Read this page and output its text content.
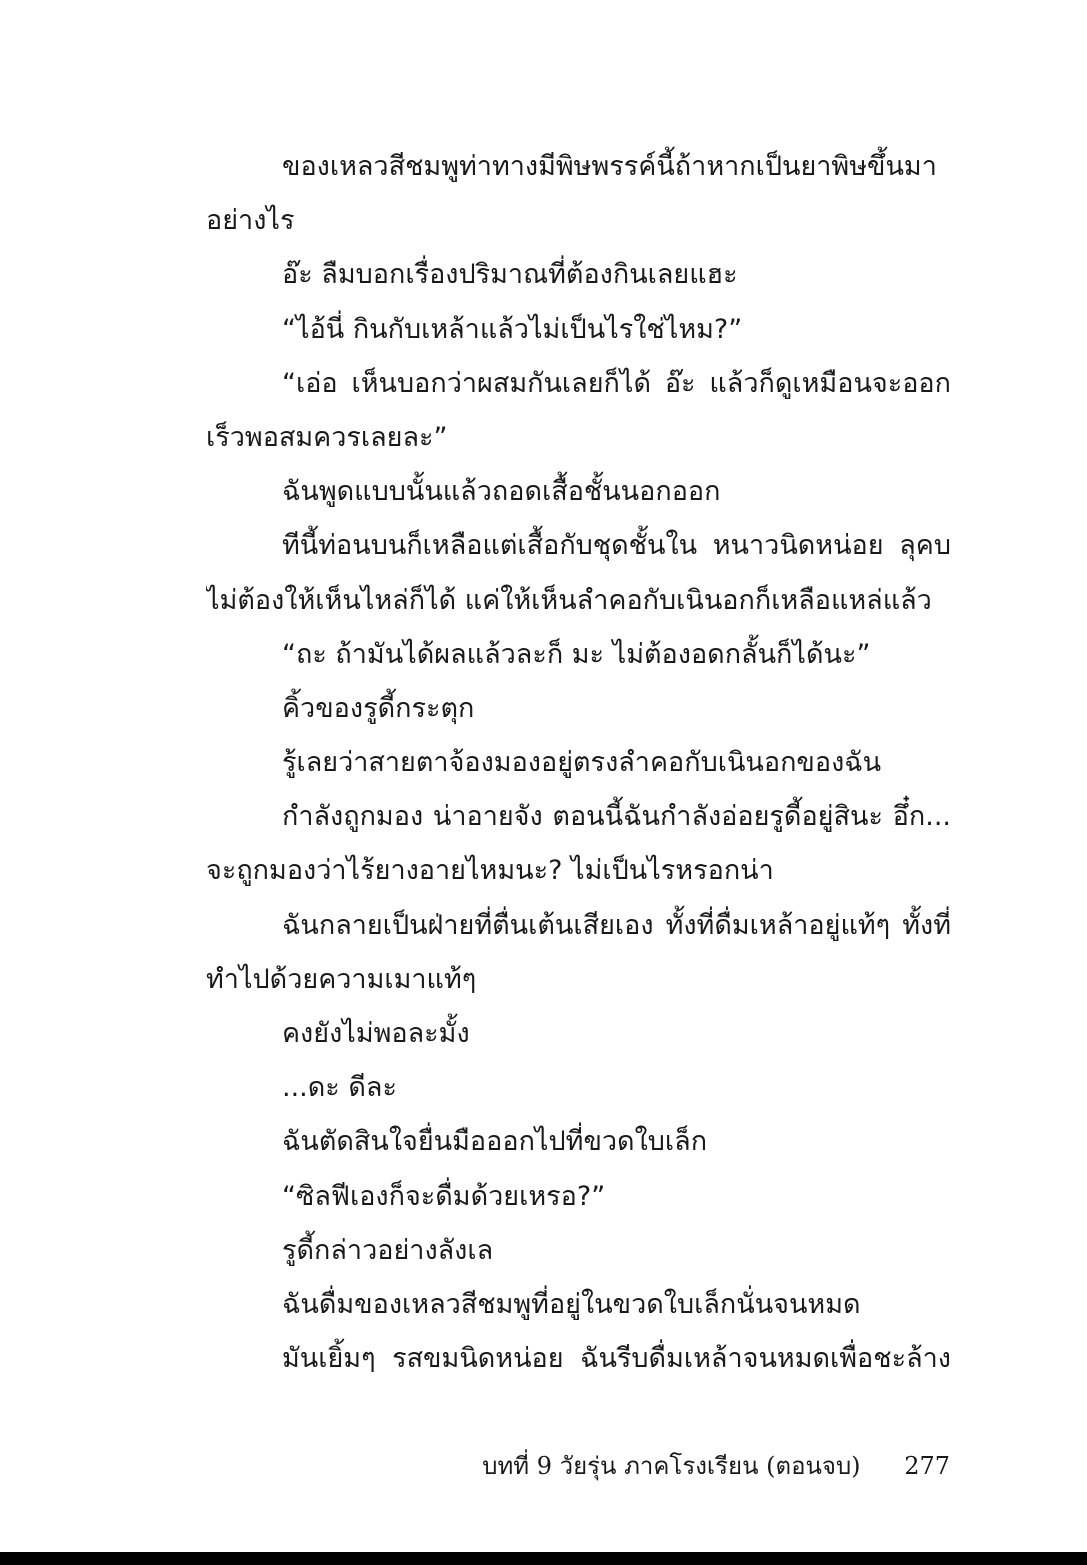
ของเหลวสีชมพูท่าทางมีพิษพรรค์นี้ถ้าหากเป็นยาพิษขึ้นมา
อย่างไร
อ๊ะ ลืมบอกเรื่องปริมาณที่ต้องกินเลยแฮะ
“ไอ้นี่ กินกับเหล้าแล้วไม่เป็นไรใช่ไหม?”
“เอ่อ เห็นบอกว่าผสมกันเลยก็ได้ อ๊ะ แล้วก็ดูเหมือนจะออก
เร็วพอสมควรเลยละ”
ฉันพูดแบบนั้นแล้วถอดเสื้อชั้นนอกออก
ทีนี้ท่อนบนก็เหลือแต่เสื้อกับชุดชั้นใน หนาวนิดหน่อย ลุคบ
ไม่ต้องให้เห็นไหล่ก็ได้ แค่ให้เห็นลำคอกับเนินอกก็เหลือแหล่แล้ว
“ถะ ถ้ามันได้ผลแล้วละก็ มะ ไม่ต้องอดกลั้นก็ได้นะ”
คิ้วของรูดี้กระตุก
รู้เลยว่าสายตาจ้องมองอยู่ตรงลำคอกับเนินอกของฉัน
กำลังถูกมอง น่าอายจัง ตอนนี้ฉันกำลังอ่อยรูดี้อยู่สินะ อึ๋ก...
จะถูกมองว่าไร้ยางอายไหมนะ? ไม่เป็นไรหรอกน่า
ฉันกลายเป็นฝ่ายที่ตื่นเต้นเสียเอง ทั้งที่ดื่มเหล้าอยู่แท้ๆ ทั้งที่
ทำไปด้วยความเมาแท้ๆ
คงยังไม่พอละมั้ง
...ดะ ดีละ
ฉันตัดสินใจยื่นมือออกไปที่ขวดใบเล็ก
“ซิลฟีเองก็จะดื่มด้วยเหรอ?”
รูดี้กล่าวอย่างลังเล
ฉันดื่มของเหลวสีชมพูที่อยู่ในขวดใบเล็กนั่นจนหมด
มันเยิ้มๆ รสขมนิดหน่อย ฉันรีบดื่มเหล้าจนหมดเพื่อชะล้าง
บทที่ 9 วัยรุ่น ภาคโรงเรียน (ตอนจบ) 277
